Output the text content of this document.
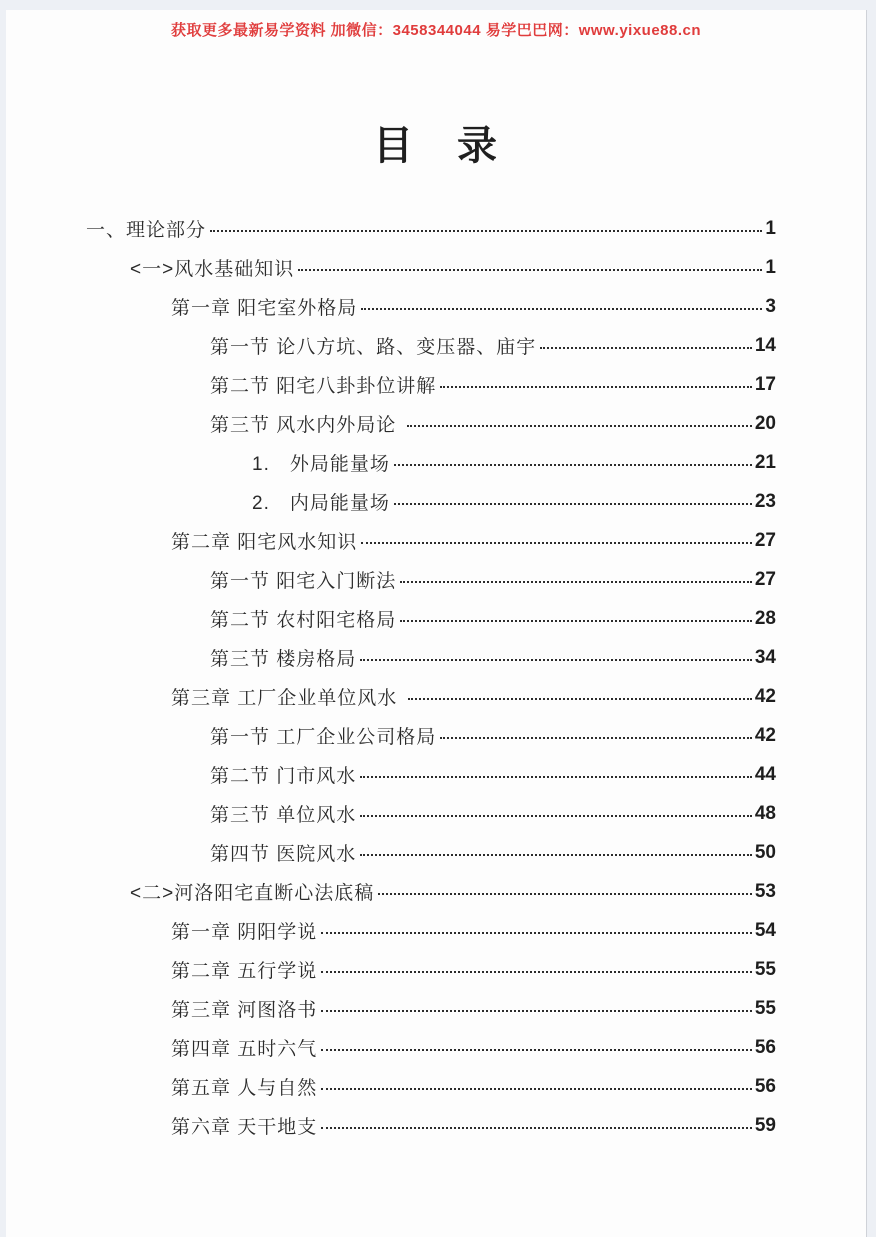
获取更多最新易学资料 加微信：3458344044 易学巴巴网：www.yixue88.cn
目　录
一、理论部分	1
<一>风水基础知识	1
第一章 阳宅室外格局	3
第一节 论八方坑、路、变压器、庙宇	14
第二节 阳宅八卦卦位讲解	17
第三节 风水内外局论	20
1.　外局能量场	21
2.　内局能量场	23
第二章 阳宅风水知识	27
第一节 阳宅入门断法	27
第二节 农村阳宅格局	28
第三节 楼房格局	34
第三章 工厂企业单位风水	42
第一节 工厂企业公司格局	42
第二节 门市风水	44
第三节 单位风水	48
第四节 医院风水	50
<二>河洛阳宅直断心法底稿	53
第一章 阴阳学说	54
第二章 五行学说	55
第三章 河图洛书	55
第四章 五时六气	56
第五章 人与自然	56
第六章 天干地支	59
